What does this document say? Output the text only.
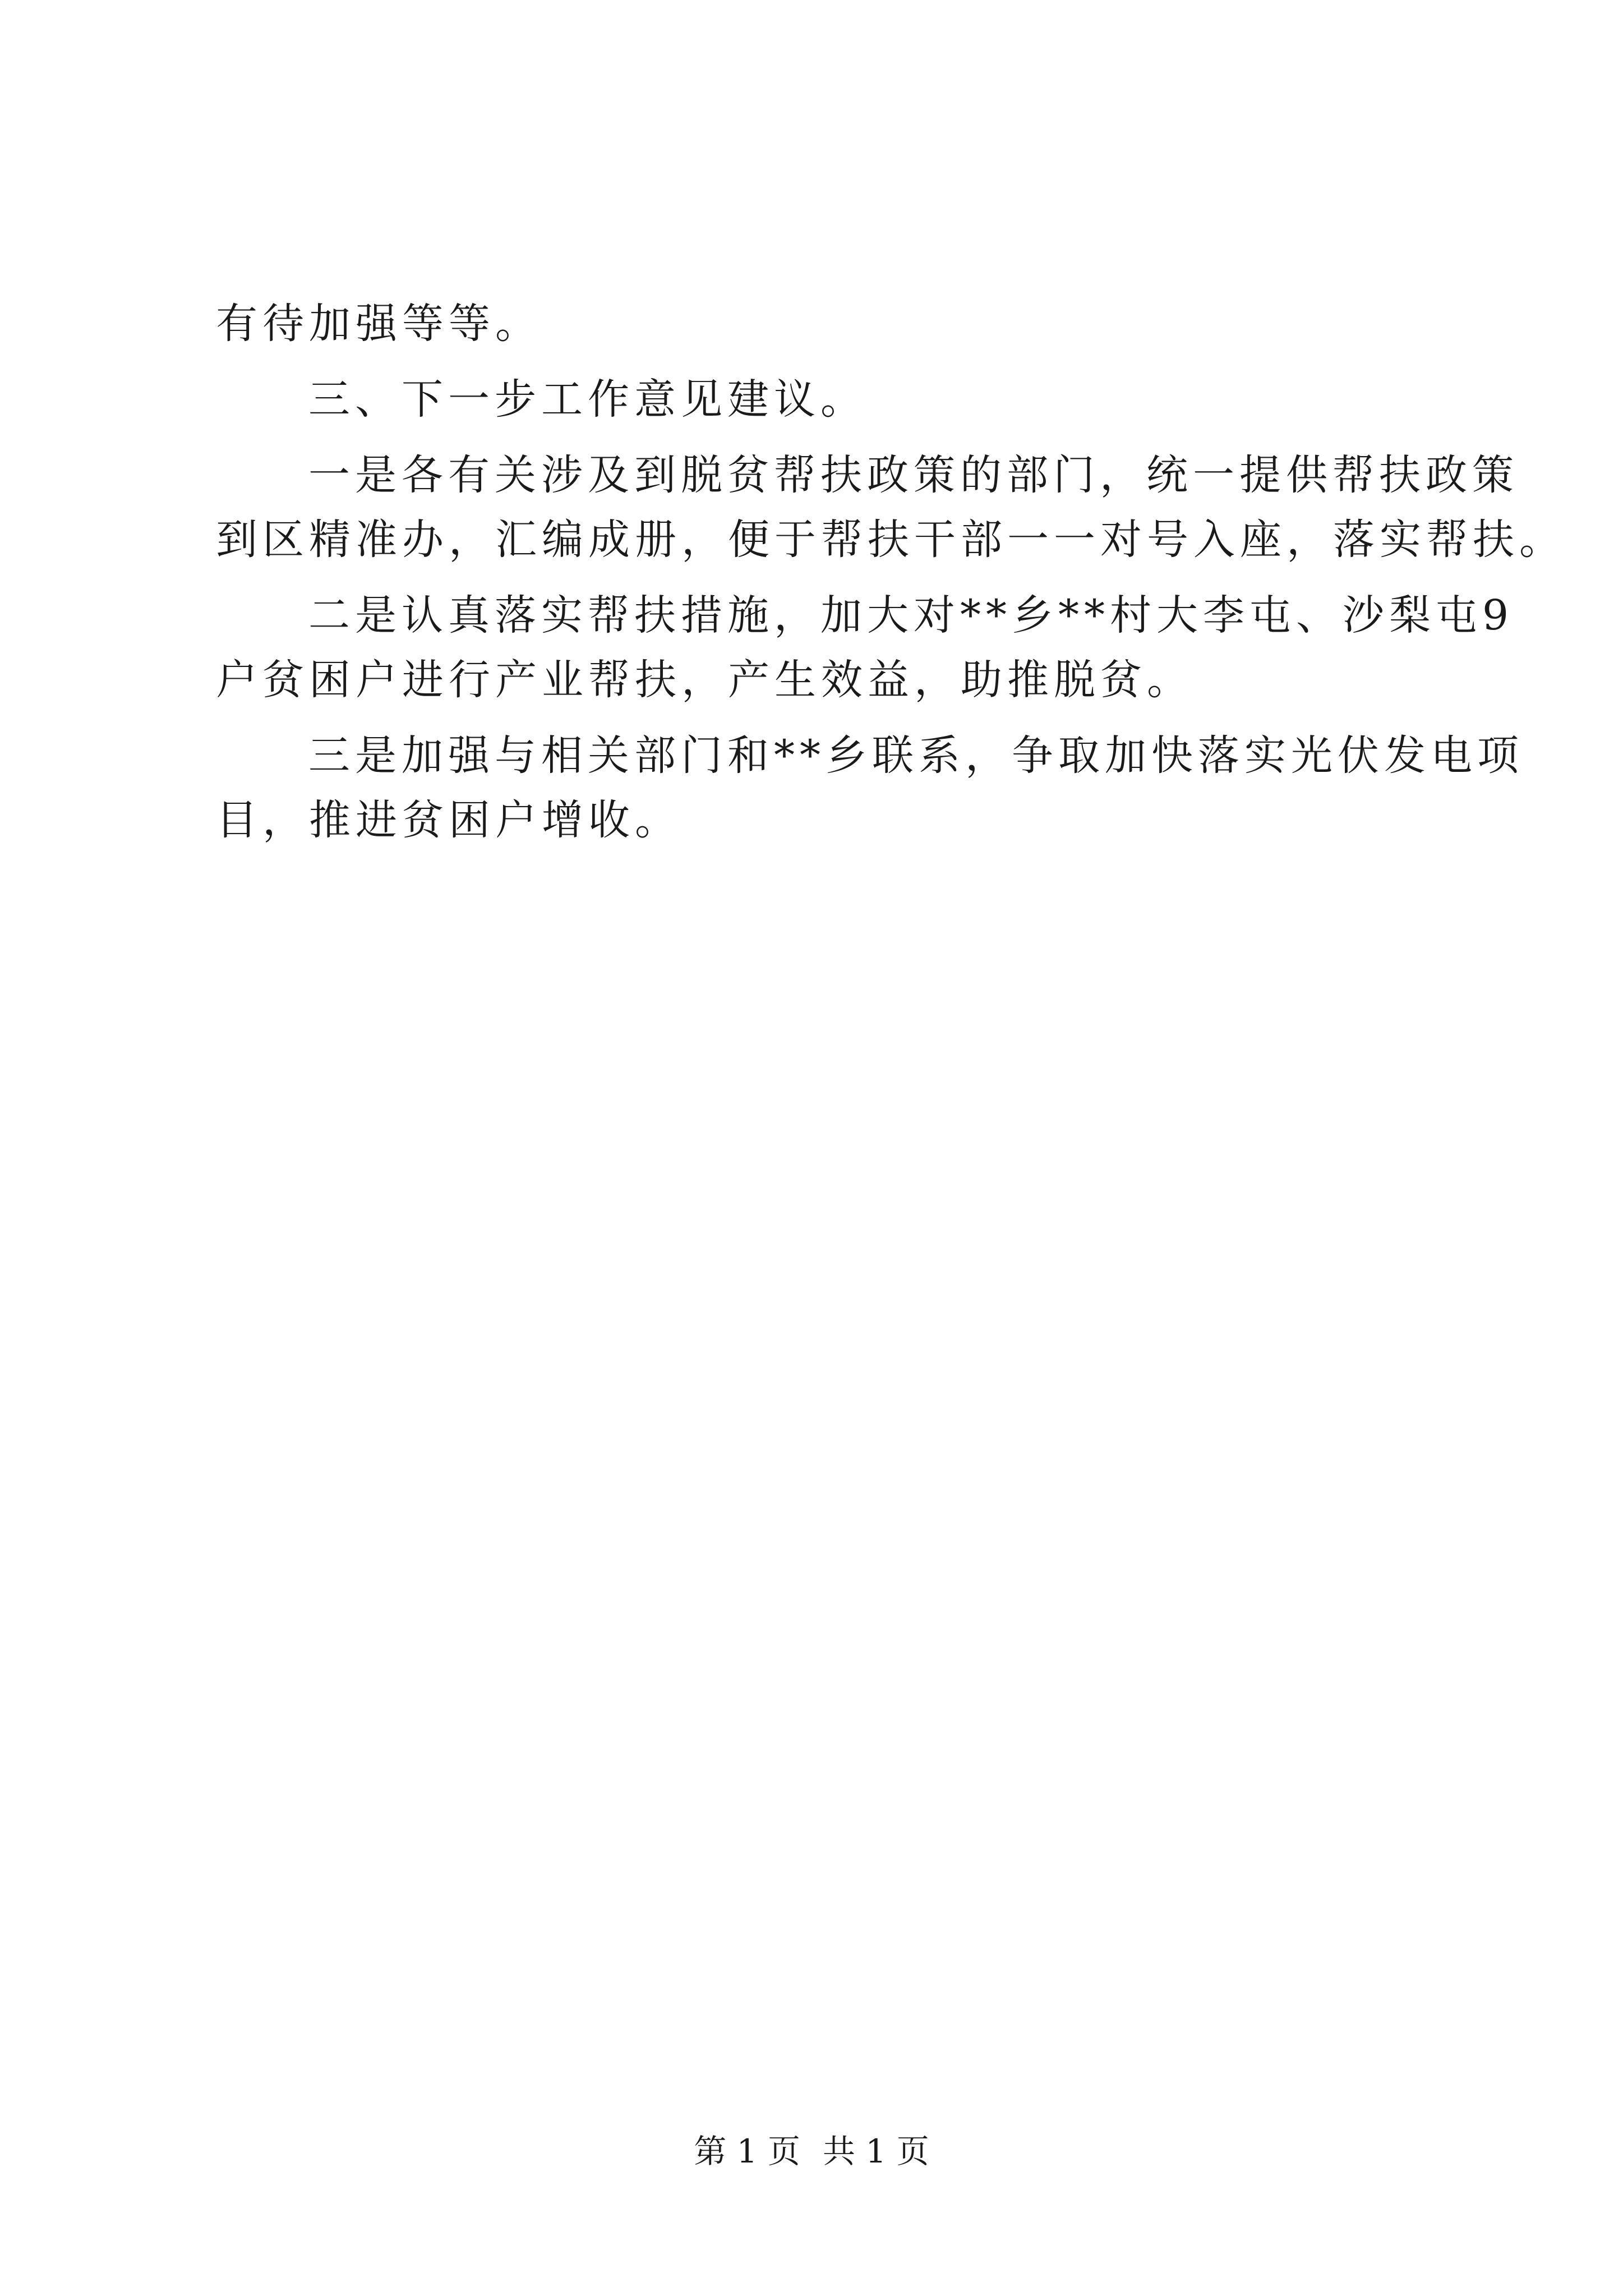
有待加强等等。

三、下一步工作意见建议。

一是各有关涉及到脱贫帮扶政策的部门，统一提供帮扶政策

到区精准办，汇编成册，便于帮扶干部一一对号入座，落实帮扶。

二是认真落实帮扶措施，加大对**乡**村大李屯、沙梨屯9

户贫困户进行产业帮扶，产生效益，助推脱贫。

三是加强与相关部门和**乡联系，争取加快落实光伏发电项

目，推进贫困户增收。

第 1 页 共 1 页
